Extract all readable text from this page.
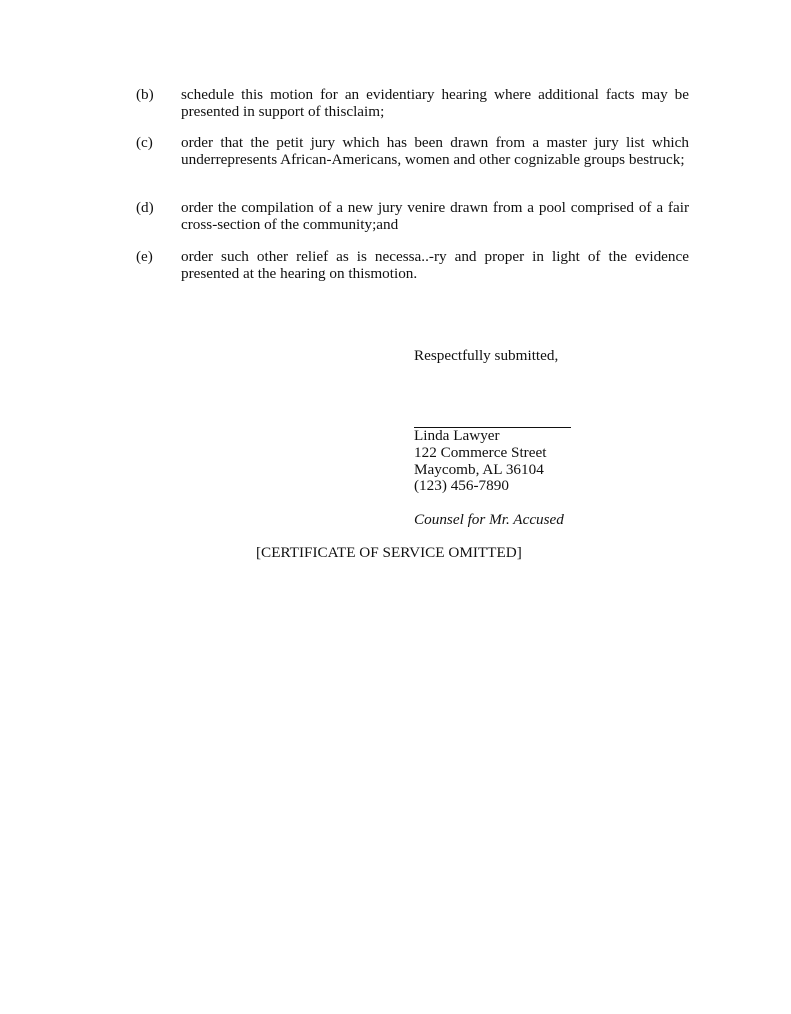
(b)	schedule this motion for an evidentiary hearing where additional facts may be presented in support of thisclaim;
(c)	order that the petit jury which has been drawn from a master jury list which underrepresents African-Americans, women and other cognizable groups bestruck;
(d)	order the compilation of a new jury venire drawn from a pool comprised of a fair cross-section of the community;and
(e)	order such other relief as is necessa..-ry and proper in light of the evidence presented at the hearing on thismotion.
Respectfully submitted,
Linda Lawyer
122 Commerce Street
Maycomb, AL 36104
(123) 456-7890
Counsel for Mr. Accused
[CERTIFICATE OF SERVICE OMITTED]
